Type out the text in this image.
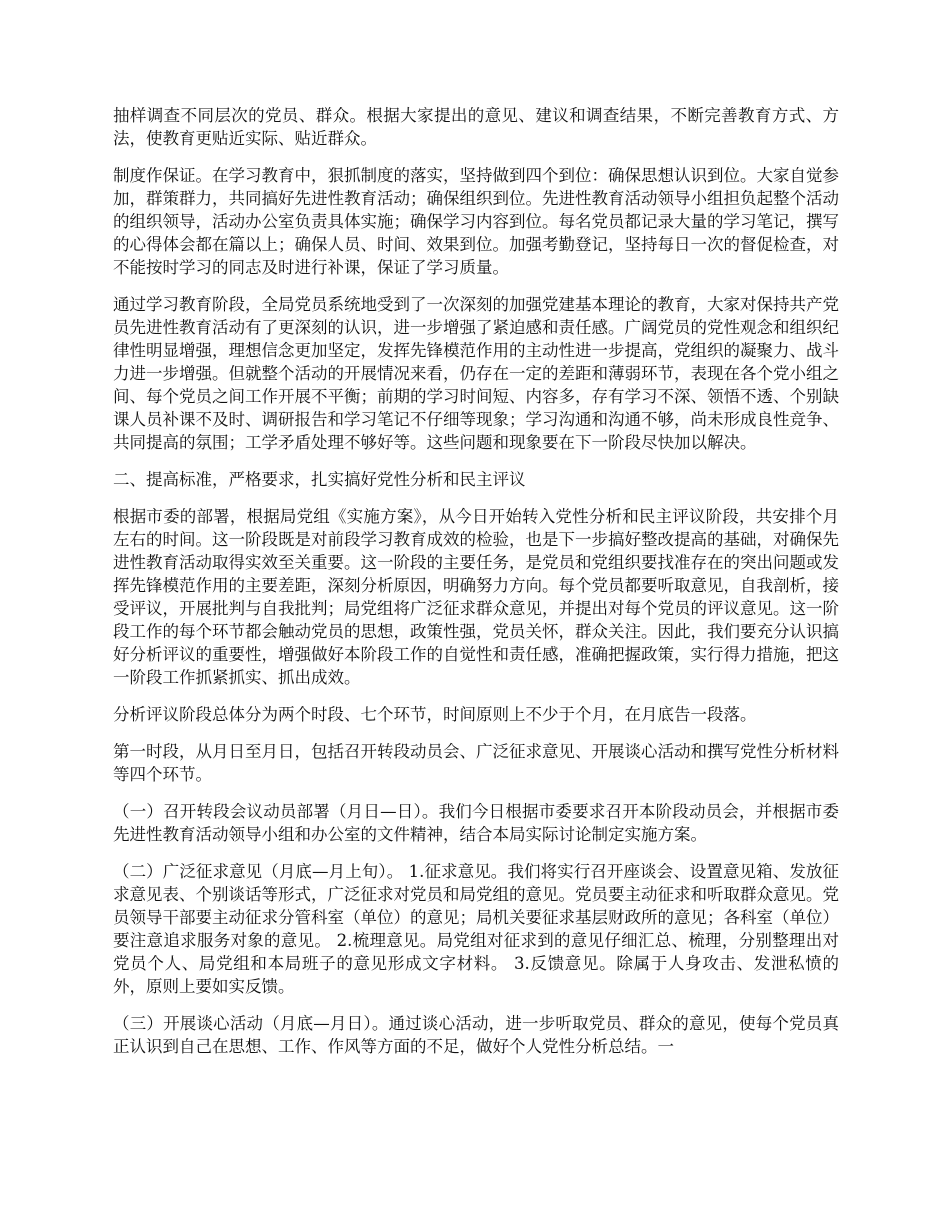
抽样调查不同层次的党员、群众。根据大家提出的意见、建议和调查结果，不断完善教育方式、方法，使教育更贴近实际、贴近群众。

制度作保证。在学习教育中，狠抓制度的落实，坚持做到四个到位：确保思想认识到位。大家自觉参加，群策群力，共同搞好先进性教育活动；确保组织到位。先进性教育活动领导小组担负起整个活动的组织领导，活动办公室负责具体实施；确保学习内容到位。每名党员都记录大量的学习笔记，撰写的心得体会都在篇以上；确保人员、时间、效果到位。加强考勤登记，坚持每日一次的督促检查，对不能按时学习的同志及时进行补课，保证了学习质量。

通过学习教育阶段，全局党员系统地受到了一次深刻的加强党建基本理论的教育，大家对保持共产党员先进性教育活动有了更深刻的认识，进一步增强了紧迫感和责任感。广阔党员的党性观念和组织纪律性明显增强，理想信念更加坚定，发挥先锋模范作用的主动性进一步提高，党组织的凝聚力、战斗力进一步增强。但就整个活动的开展情况来看，仍存在一定的差距和薄弱环节，表现在各个党小组之间、每个党员之间工作开展不平衡；前期的学习时间短、内容多，存有学习不深、领悟不透、个别缺课人员补课不及时、调研报告和学习笔记不仔细等现象；学习沟通和沟通不够，尚未形成良性竞争、共同提高的氛围；工学矛盾处理不够好等。这些问题和现象要在下一阶段尽快加以解决。

二、提高标准，严格要求，扎实搞好党性分析和民主评议

根据市委的部署，根据局党组《实施方案》，从今日开始转入党性分析和民主评议阶段，共安排个月左右的时间。这一阶段既是对前段学习教育成效的检验，也是下一步搞好整改提高的基础，对确保先进性教育活动取得实效至关重要。这一阶段的主要任务，是党员和党组织要找准存在的突出问题或发挥先锋模范作用的主要差距，深刻分析原因，明确努力方向。每个党员都要听取意见，自我剖析，接受评议，开展批判与自我批判；局党组将广泛征求群众意见，并提出对每个党员的评议意见。这一阶段工作的每个环节都会触动党员的思想，政策性强，党员关怀，群众关注。因此，我们要充分认识搞好分析评议的重要性，增强做好本阶段工作的自觉性和责任感，准确把握政策，实行得力措施，把这一阶段工作抓紧抓实、抓出成效。

分析评议阶段总体分为两个时段、七个环节，时间原则上不少于个月，在月底告一段落。

第一时段，从月日至月日，包括召开转段动员会、广泛征求意见、开展谈心活动和撰写党性分析材料等四个环节。

（一）召开转段会议动员部署（月日—日）。我们今日根据市委要求召开本阶段动员会，并根据市委先进性教育活动领导小组和办公室的文件精神，结合本局实际讨论制定实施方案。

（二）广泛征求意见（月底—月上旬）。 1.征求意见。我们将实行召开座谈会、设置意见箱、发放征求意见表、个别谈话等形式，广泛征求对党员和局党组的意见。党员要主动征求和听取群众意见。党员领导干部要主动征求分管科室（单位）的意见；局机关要征求基层财政所的意见；各科室（单位）要注意追求服务对象的意见。 2.梳理意见。局党组对征求到的意见仔细汇总、梳理，分别整理出对党员个人、局党组和本局班子的意见形成文字材料。 3.反馈意见。除属于人身攻击、发泄私愤的外，原则上要如实反馈。

（三）开展谈心活动（月底—月日）。通过谈心活动，进一步听取党员、群众的意见，使每个党员真正认识到自己在思想、工作、作风等方面的不足，做好个人党性分析总结。一
